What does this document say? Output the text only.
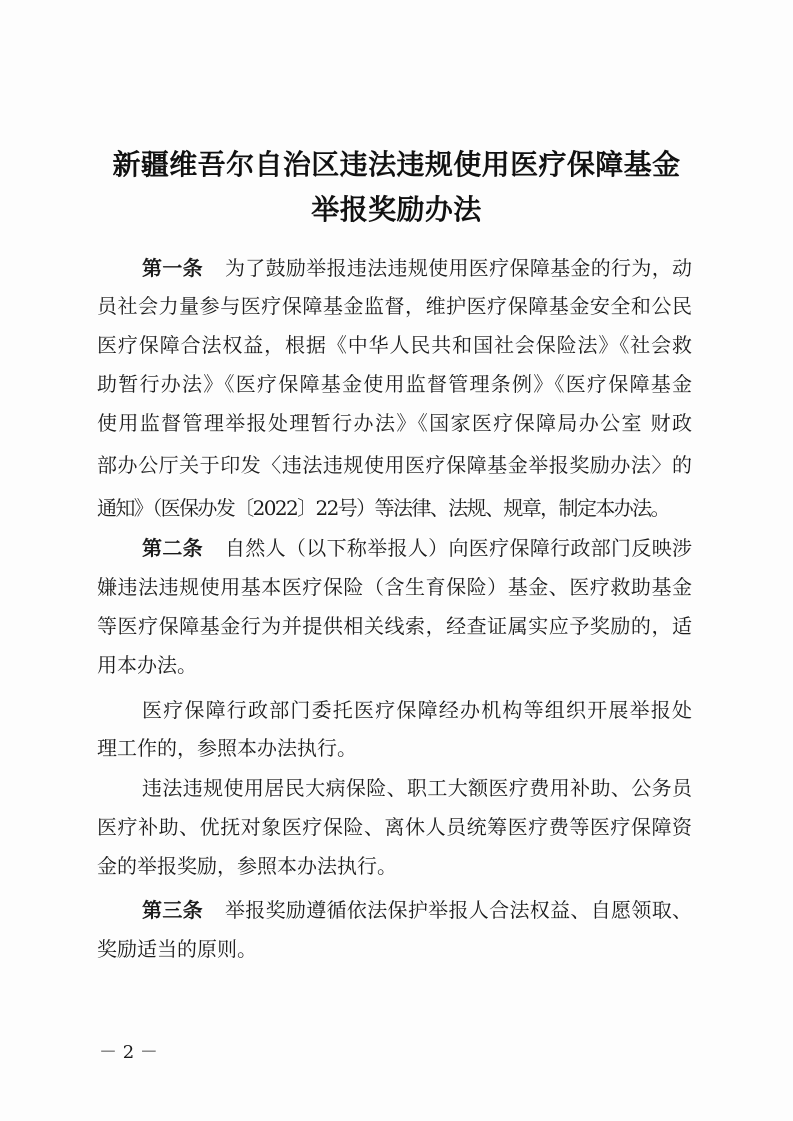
新疆维吾尔自治区违法违规使用医疗保障基金
举报奖励办法
第一条 为了鼓励举报违法违规使用医疗保障基金的行为，动
员社会力量参与医疗保障基金监督，维护医疗保障基金安全和公民
医疗保障合法权益，根据《中华人民共和国社会保险法》《社会救
助暂行办法》《医疗保障基金使用监督管理条例》《医疗保障基金
使用监督管理举报处理暂行办法》《国家医疗保障局办公室 财政
部办公厅关于印发〈违法违规使用医疗保障基金举报奖励办法〉的
通知》（医保办发〔2022〕22号）等法律、法规、规章，制定本办法。
第二条 自然人（以下称举报人）向医疗保障行政部门反映涉
嫌违法违规使用基本医疗保险（含生育保险）基金、医疗救助基金
等医疗保障基金行为并提供相关线索，经查证属实应予奖励的，适
用本办法。
医疗保障行政部门委托医疗保障经办机构等组织开展举报处
理工作的，参照本办法执行。
违法违规使用居民大病保险、职工大额医疗费用补助、公务员
医疗补助、优抚对象医疗保险、离休人员统筹医疗费等医疗保障资
金的举报奖励，参照本办法执行。
第三条 举报奖励遵循依法保护举报人合法权益、自愿领取、
奖励适当的原则。
－ 2 －
